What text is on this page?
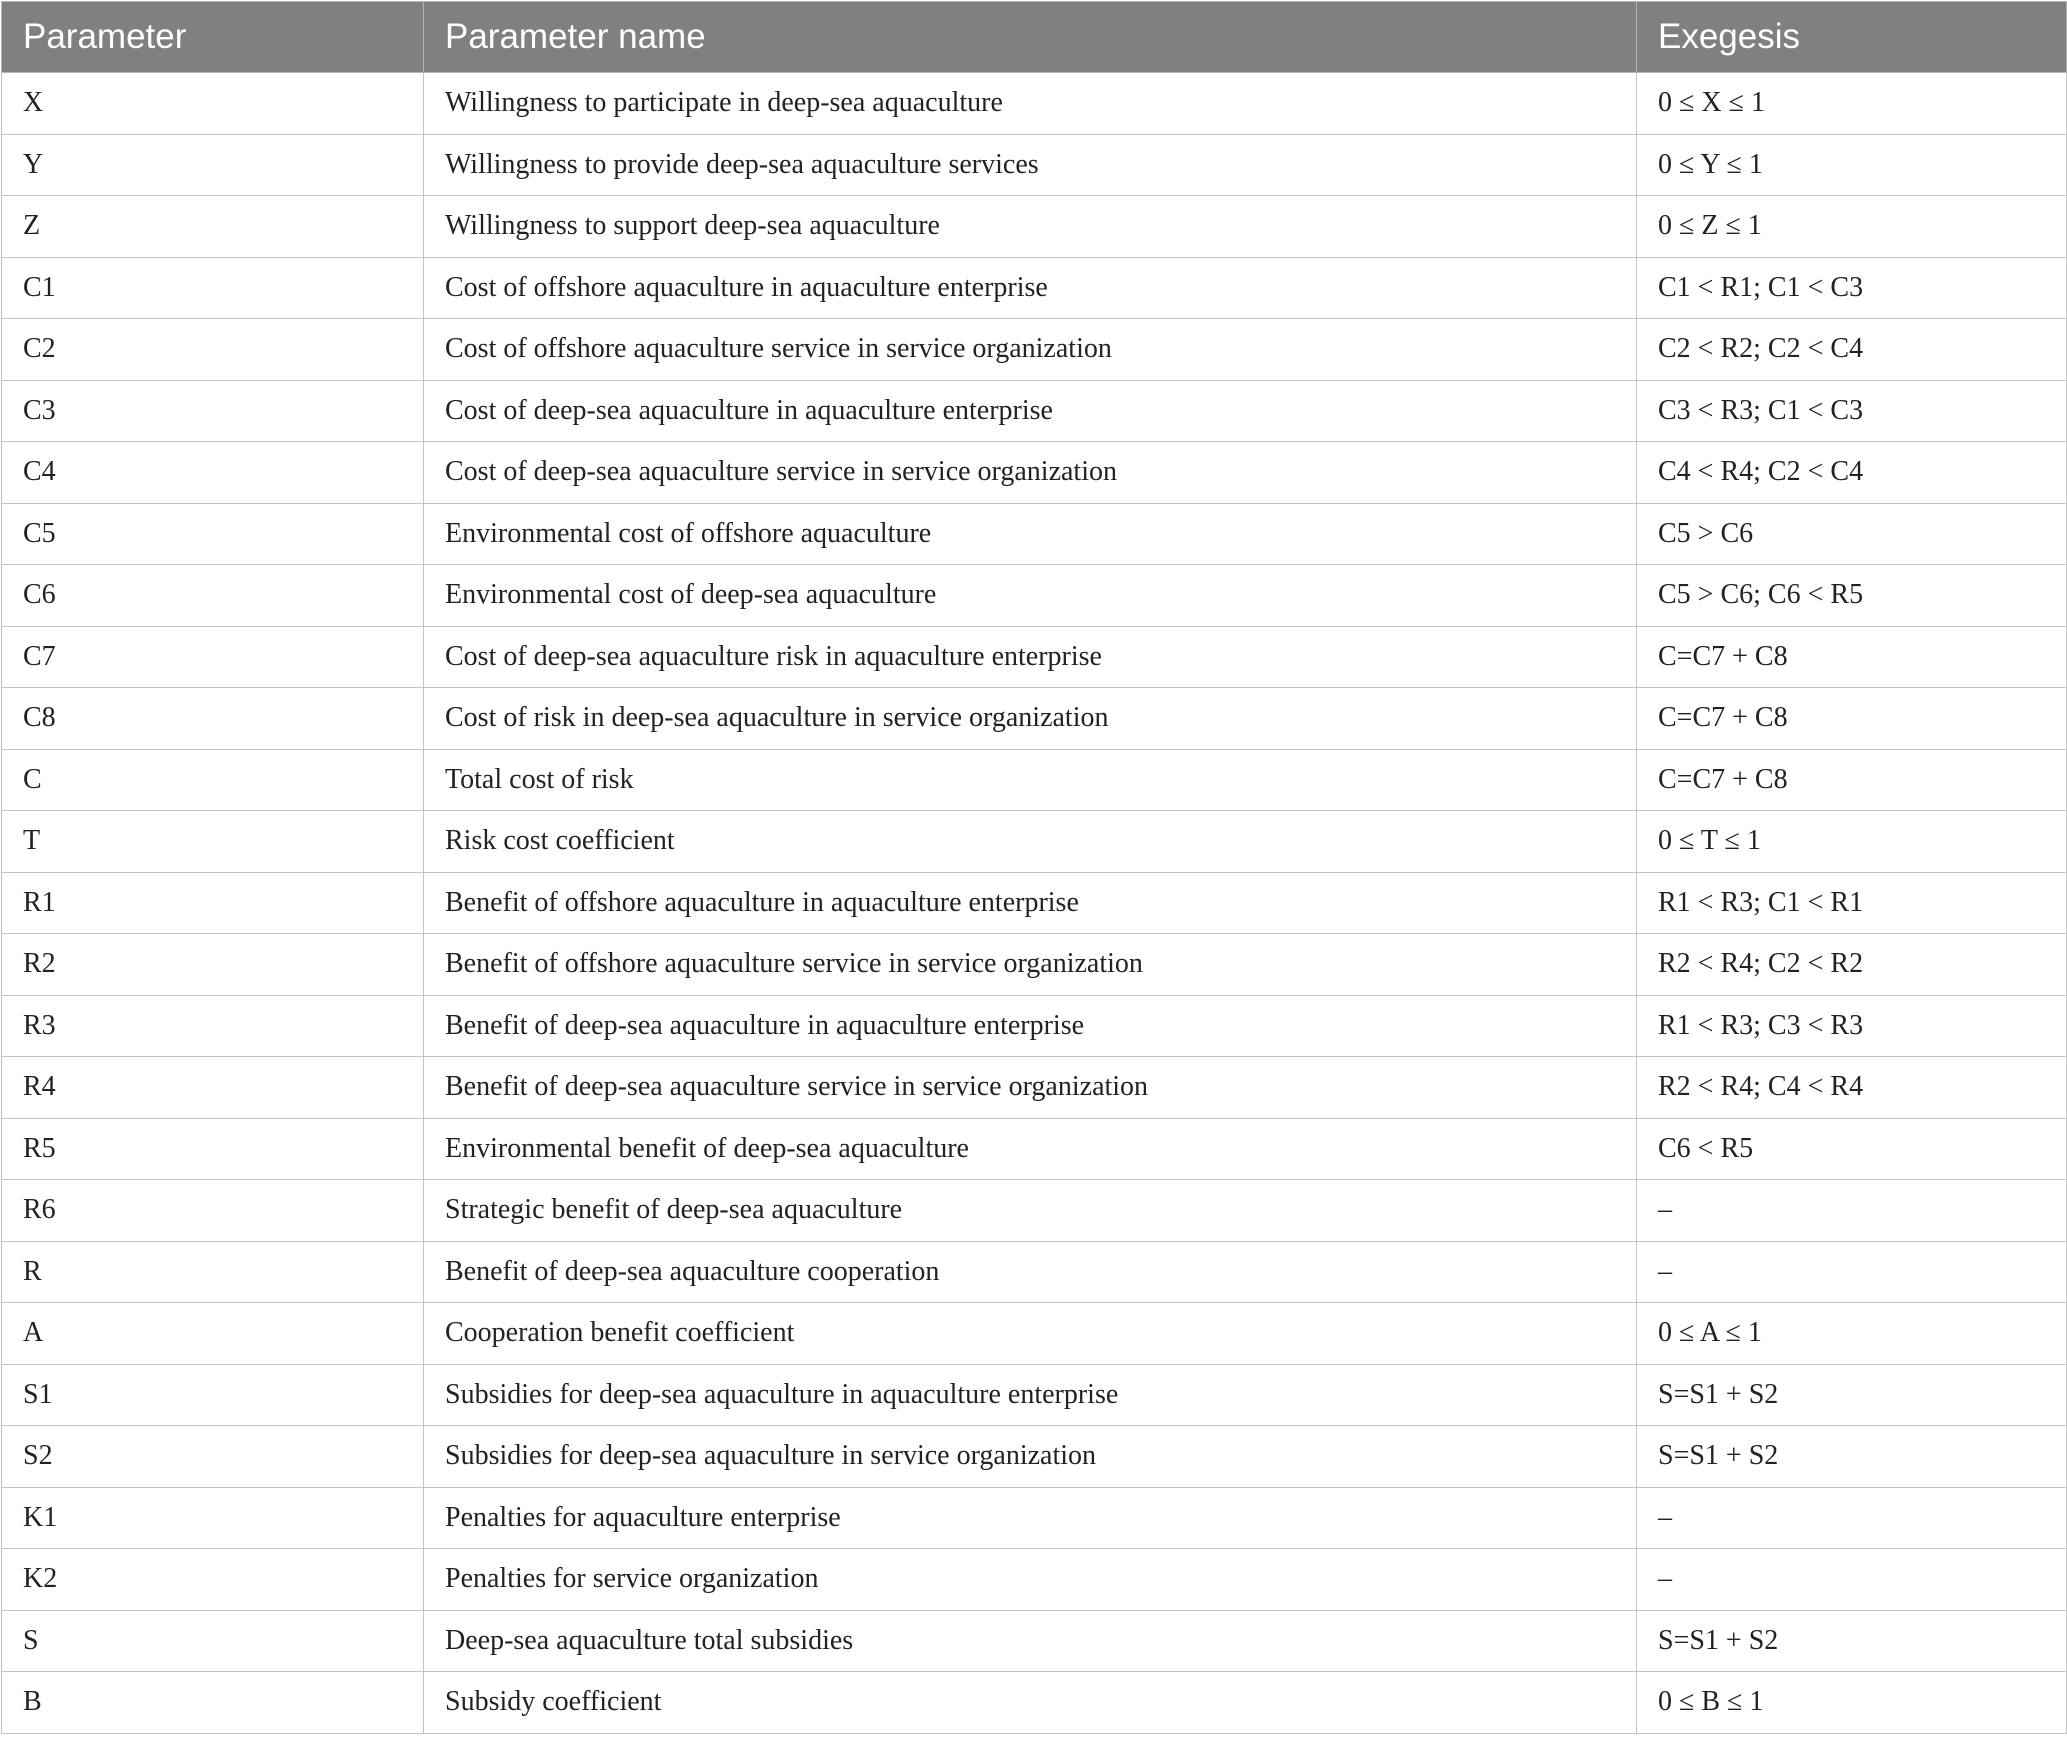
Parameter	Parameter name	Exegesis
X	Willingness to participate in deep-sea aquaculture	0 ≤ X ≤ 1
Y	Willingness to provide deep-sea aquaculture services	0 ≤ Y ≤ 1
Z	Willingness to support deep-sea aquaculture	0 ≤ Z ≤ 1
C1	Cost of offshore aquaculture in aquaculture enterprise	C1 < R1; C1 < C3
C2	Cost of offshore aquaculture service in service organization	C2 < R2; C2 < C4
C3	Cost of deep-sea aquaculture in aquaculture enterprise	C3 < R3; C1 < C3
C4	Cost of deep-sea aquaculture service in service organization	C4 < R4; C2 < C4
C5	Environmental cost of offshore aquaculture	C5 > C6
C6	Environmental cost of deep-sea aquaculture	C5 > C6; C6 < R5
C7	Cost of deep-sea aquaculture risk in aquaculture enterprise	C=C7 + C8
C8	Cost of risk in deep-sea aquaculture in service organization	C=C7 + C8
C	Total cost of risk	C=C7 + C8
T	Risk cost coefficient	0 ≤ T ≤ 1
R1	Benefit of offshore aquaculture in aquaculture enterprise	R1 < R3; C1 < R1
R2	Benefit of offshore aquaculture service in service organization	R2 < R4; C2 < R2
R3	Benefit of deep-sea aquaculture in aquaculture enterprise	R1 < R3; C3 < R3
R4	Benefit of deep-sea aquaculture service in service organization	R2 < R4; C4 < R4
R5	Environmental benefit of deep-sea aquaculture	C6 < R5
R6	Strategic benefit of deep-sea aquaculture	–
R	Benefit of deep-sea aquaculture cooperation	–
A	Cooperation benefit coefficient	0 ≤ A ≤ 1
S1	Subsidies for deep-sea aquaculture in aquaculture enterprise	S=S1 + S2
S2	Subsidies for deep-sea aquaculture in service organization	S=S1 + S2
K1	Penalties for aquaculture enterprise	–
K2	Penalties for service organization	–
S	Deep-sea aquaculture total subsidies	S=S1 + S2
B	Subsidy coefficient	0 ≤ B ≤ 1
